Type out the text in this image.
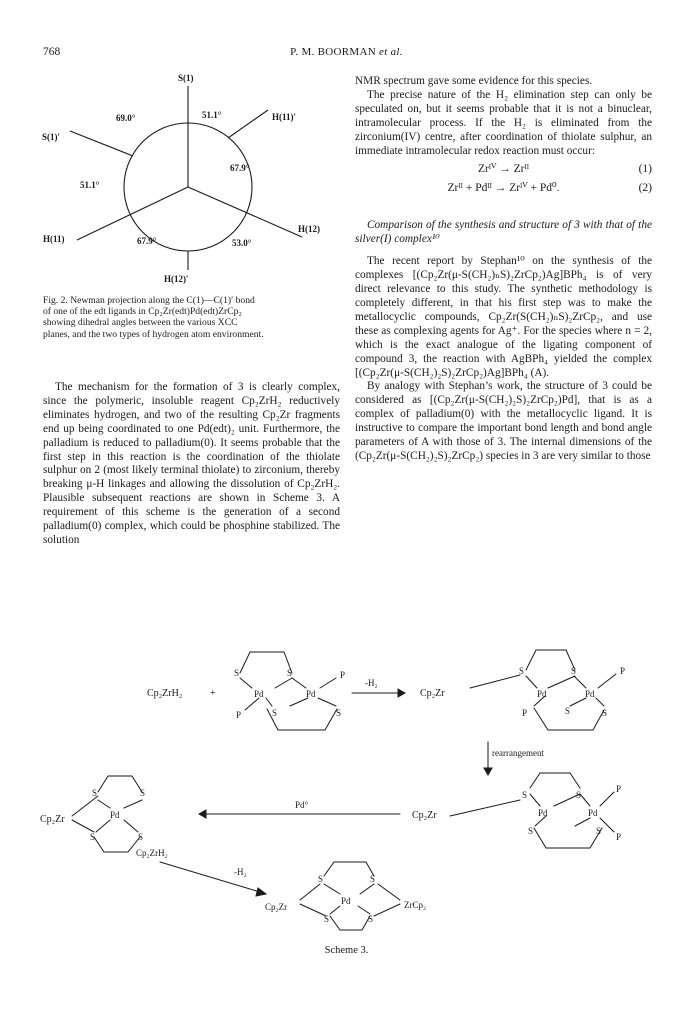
768	P. M. BOORMAN et al.
S(1)
S(1)′
H(11)′
H(11)
H(12)
H(12)′
69.0°	51.1°
67.9°
51.1°
67.9°	53.0°
Fig. 2. Newman projection along the C(1)—C(1)′ bond
of one of the edt ligands in Cp₂Zr(edt)Pd(edt)ZrCp₂
showing dihedral angles between the various XCC
planes, and the two types of hydrogen atom environment.

The mechanism for the formation of 3 is clearly complex, since the polymeric, insoluble reagent Cp₂ZrH₂ reductively eliminates hydrogen, and two of the resulting Cp₂Zr fragments end up being coordinated to one Pd(edt)₂ unit. Furthermore, the palladium is reduced to palladium(0). It seems probable that the first step in this reaction is the coordination of the thiolate sulphur on 2 (most likely terminal thiolate) to zirconium, thereby breaking μ-H linkages and allowing the dissolution of Cp₂ZrH₂. Plausible subsequent reactions are shown in Scheme 3. A requirement of this scheme is the generation of a second palladium(0) complex, which could be phosphine stabilized. The solution

NMR spectrum gave some evidence for this species.

The precise nature of the H₂ elimination step can only be speculated on, but it seems probable that it is not a binuclear, intramolecular process. If the H₂ is eliminated from the zirconium(IV) centre, after coordination of thiolate sulphur, an immediate intramolecular redox reaction must occur:

Zrᴵⱽ → Zrᴵᴵ	(1)
Zrᴵᴵ + Pdᴵᴵ → Zrᴵⱽ + Pd⁰.	(2)

Comparison of the synthesis and structure of 3 with that of the silver(I) complex¹⁰

The recent report by Stephan¹⁰ on the synthesis of the complexes [(Cp₂Zr(μ-S(CH₂)ₙS)₂ZrCp₂)Ag]BPh₄ is of very direct relevance to this study. The synthetic methodology is completely different, in that his first step was to make the metallocyclic compounds, Cp₂Zr(S(CH₂)ₙS)₂ZrCp₂, and use these as complexing agents for Ag⁺. For the species where n = 2, which is the exact analogue of the ligating component of compound 3, the reaction with AgBPh₄ yielded the complex [(Cp₂Zr(μ-S(CH₂)₂S)₂ZrCp₂)Ag]BPh₄ (A).

By analogy with Stephan’s work, the structure of 3 could be considered as [(Cp₂Zr(μ-S(CH₂)₂S)₂ZrCp₂)Pd], that is as a complex of palladium(0) with the metallocyclic ligand. It is instructive to compare the important bond length and bond angle parameters of A with those of 3. The internal dimensions of the (Cp₂Zr(μ-S(CH₂)₂S)₂ZrCp₂) species in 3 are very similar to those

Cp₂ZrH₂	+
S	S
Pd	Pd
P
P	S	S
-H₂
Cp₂Zr
S	S
Pd	Pd
P
P	S	S
rearrangement
Cp₂Zr
S	S
Pd	Pd
P
P
S	S
Pd°
Cp₂Zr
S	S
Pd
S	S
Cp₂ZrH₂
-H₂
Cp₂Zr
S	S
Pd	ZrCp₂
S	S
Scheme 3.
